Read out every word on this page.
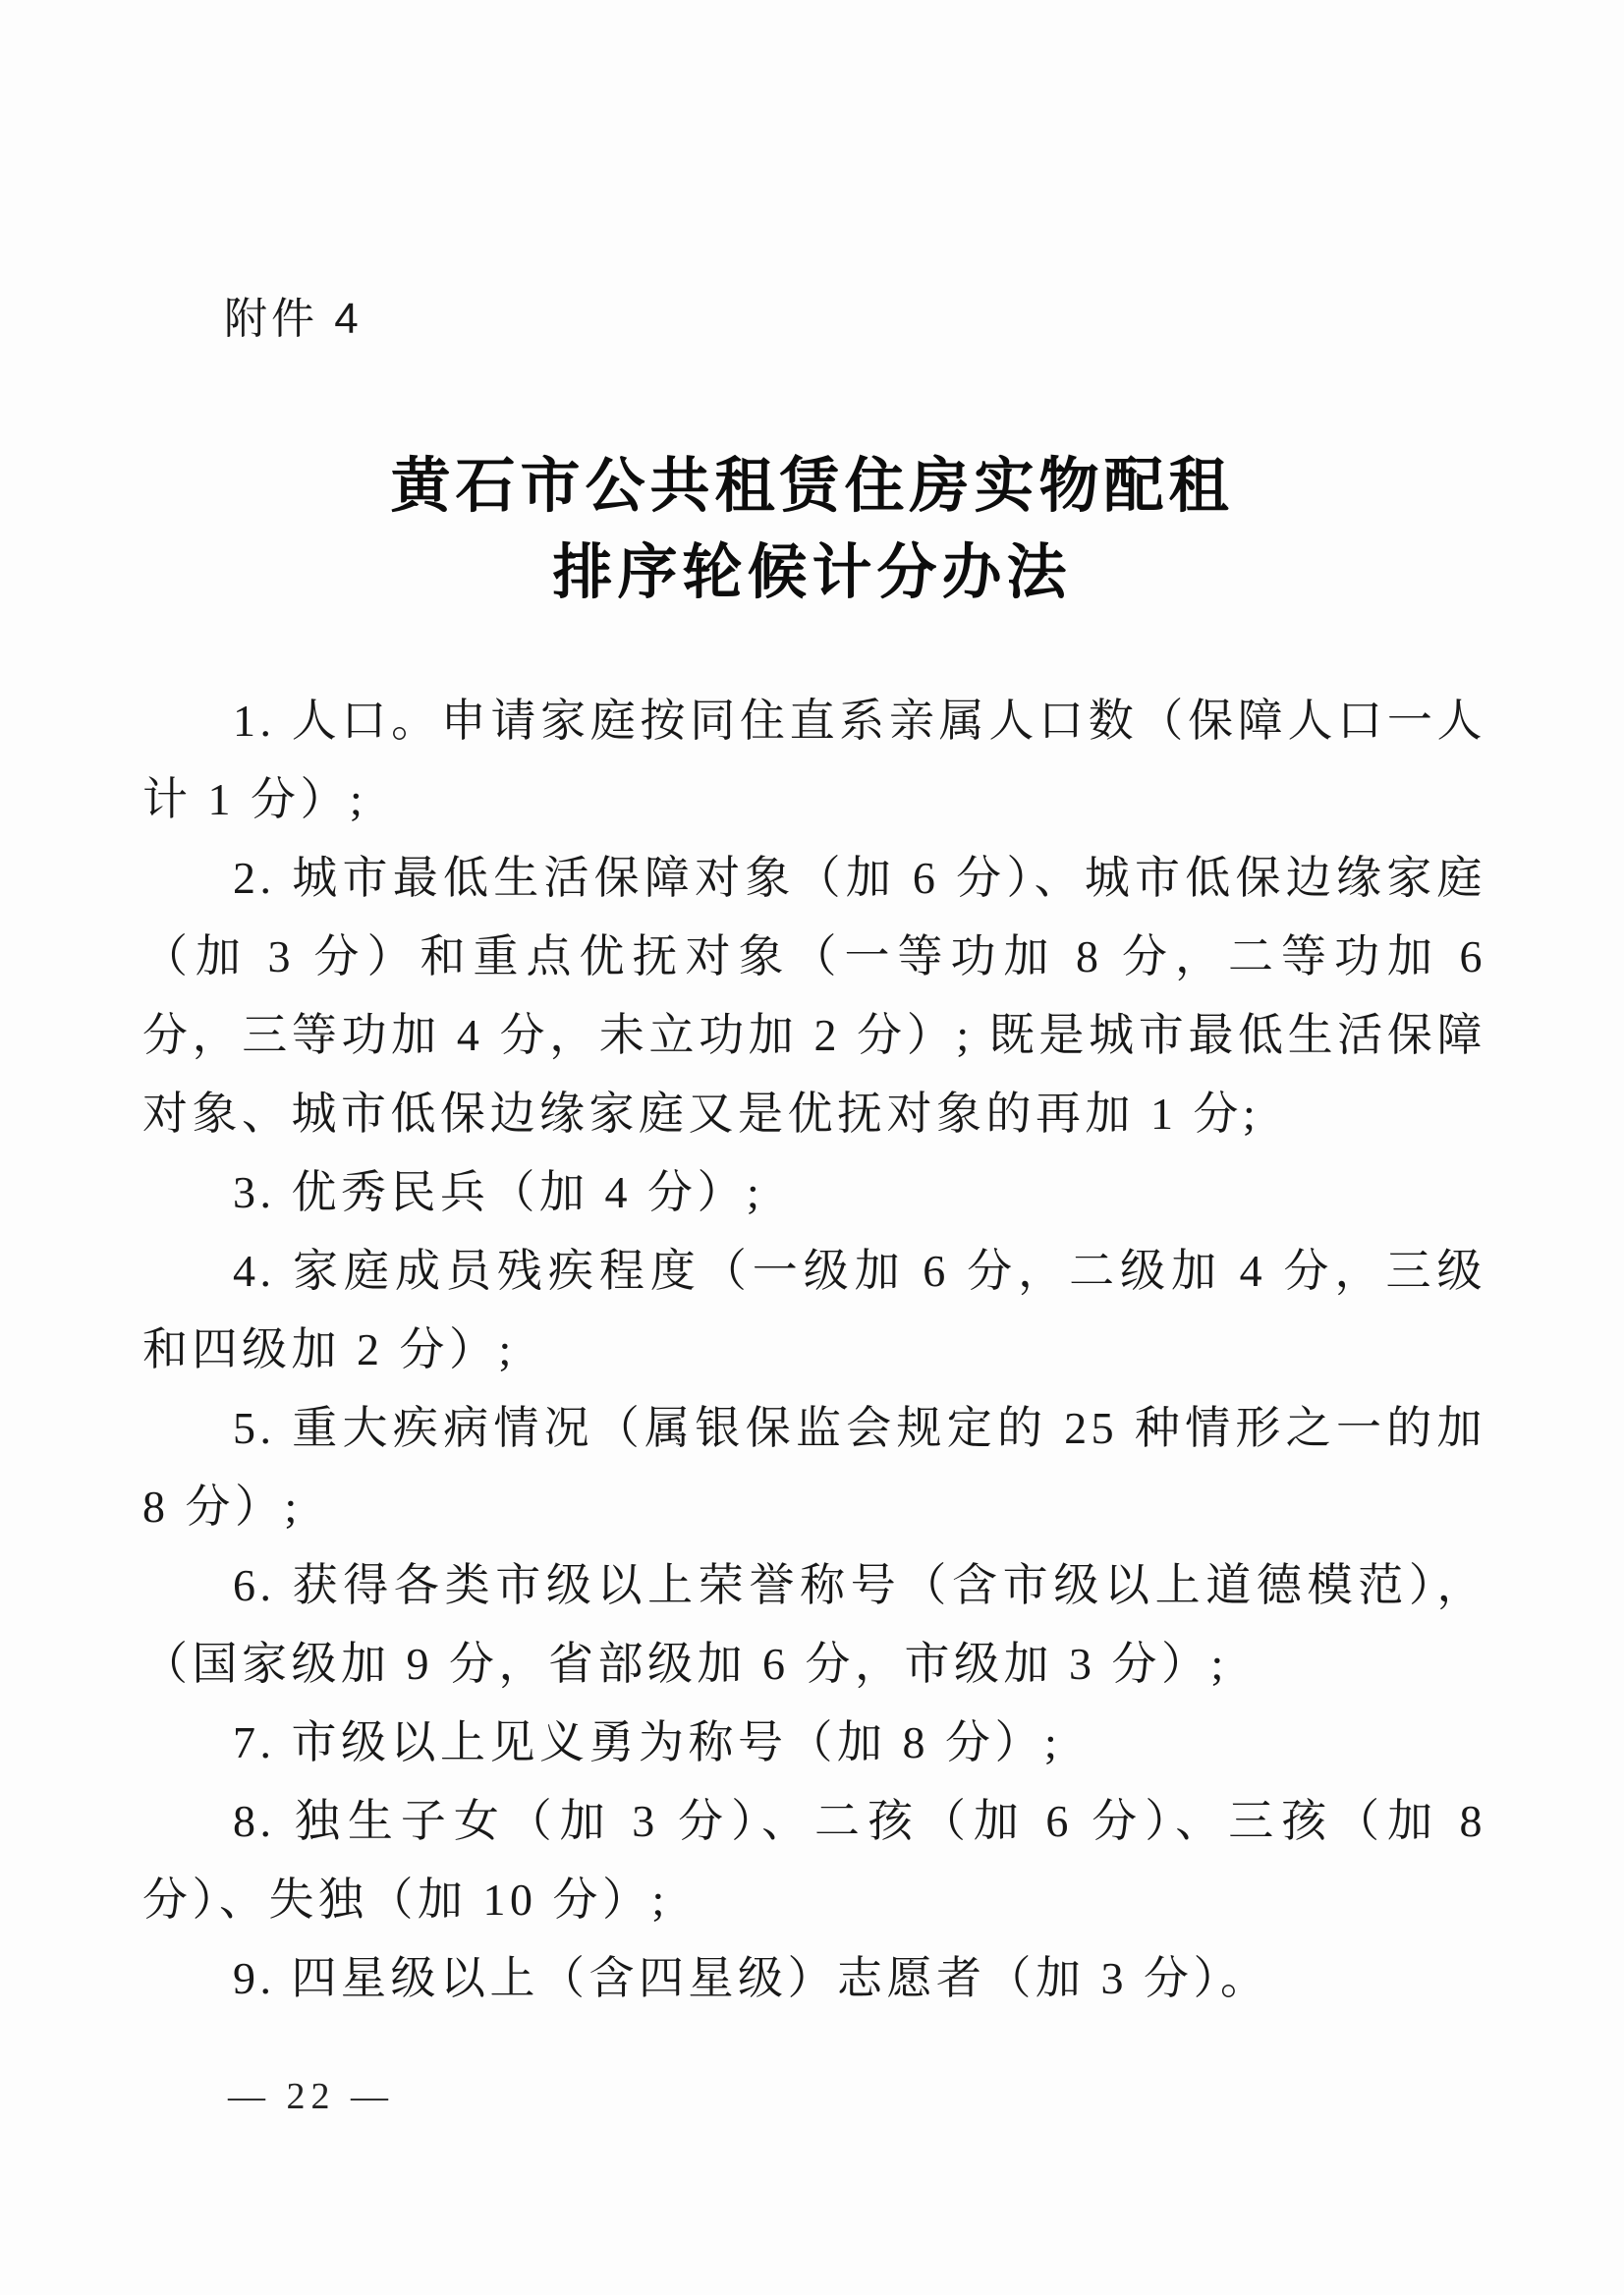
附件 4
黄石市公共租赁住房实物配租
排序轮候计分办法

1. 人口。申请家庭按同住直系亲属人口数（保障人口一人计 1 分）;

2. 城市最低生活保障对象（加 6 分）、城市低保边缘家庭（加 3 分）和重点优抚对象（一等功加 8 分，二等功加 6 分，三等功加 4 分，未立功加 2 分）; 既是城市最低生活保障对象、城市低保边缘家庭又是优抚对象的再加 1 分;

3. 优秀民兵（加 4 分）;

4. 家庭成员残疾程度（一级加 6 分，二级加 4 分，三级和四级加 2 分）;

5. 重大疾病情况（属银保监会规定的 25 种情形之一的加 8 分）;

6. 获得各类市级以上荣誉称号（含市级以上道德模范），（国家级加 9 分，省部级加 6 分，市级加 3 分）;

7. 市级以上见义勇为称号（加 8 分）;

8. 独生子女（加 3 分）、二孩（加 6 分）、三孩（加 8 分）、失独（加 10 分）;

9. 四星级以上（含四星级）志愿者（加 3 分）。

— 22 —
